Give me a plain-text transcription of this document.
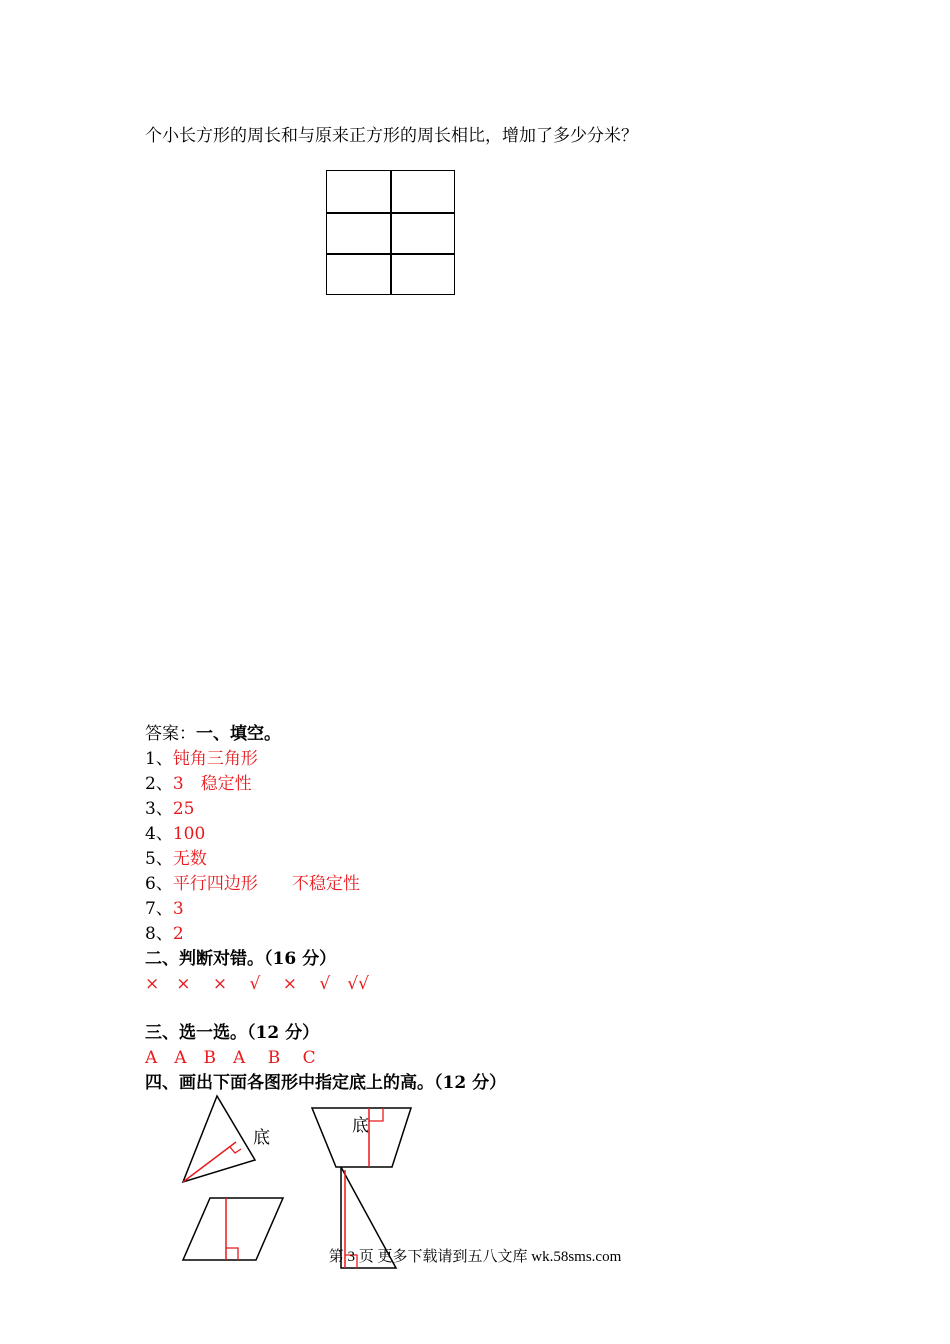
个小长方形的周长和与原来正方形的周长相比，增加了多少分米？
答案：一、填空。
1、钝角三角形
2、3　稳定性
3、25
4、100
5、无数
6、平行四边形　　不稳定性
7、3
8、2
二、判断对错。（16 分）
×　×　 ×　 √　 ×　 √　√√
三、选一选。（12 分）
A　A　B　A　 B　 C
四、画出下面各图形中指定底上的高。（12 分）
底
底
第 3 页 更多下载请到五八文库 wk.58sms.com
